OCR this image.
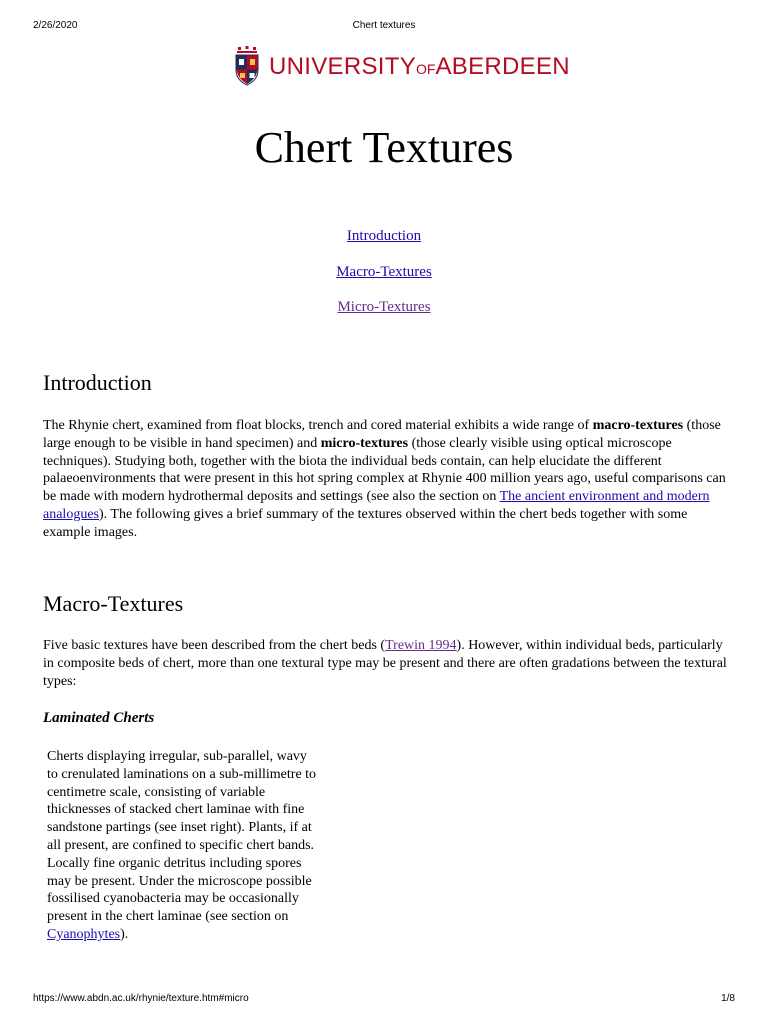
2/26/2020	Chert textures
UNIVERSITYOFABERDEEN
Chert Textures
Introduction
Macro-Textures
Micro-Textures
Introduction

The Rhynie chert, examined from float blocks, trench and cored material exhibits a wide range of macro-textures (those large enough to be visible in hand specimen) and micro-textures (those clearly visible using optical microscope techniques). Studying both, together with the biota the individual beds contain, can help elucidate the different palaeoenvironments that were present in this hot spring complex at Rhynie 400 million years ago, useful comparisons can be made with modern hydrothermal deposits and settings (see also the section on The ancient environment and modern analogues). The following gives a brief summary of the textures observed within the chert beds together with some example images.

Macro-Textures

Five basic textures have been described from the chert beds (Trewin 1994). However, within individual beds, particularly in composite beds of chert, more than one textural type may be present and there are often gradations between the textural types:

Laminated Cherts

Cherts displaying irregular, sub-parallel, wavy to crenulated laminations on a sub-millimetre to centimetre scale, consisting of variable thicknesses of stacked chert laminae with fine sandstone partings (see inset right). Plants, if at all present, are confined to specific chert bands. Locally fine organic detritus including spores may be present. Under the microscope possible fossilised cyanobacteria may be occasionally present in the chert laminae (see section on Cyanophytes).

https://www.abdn.ac.uk/rhynie/texture.htm#micro	1/8
